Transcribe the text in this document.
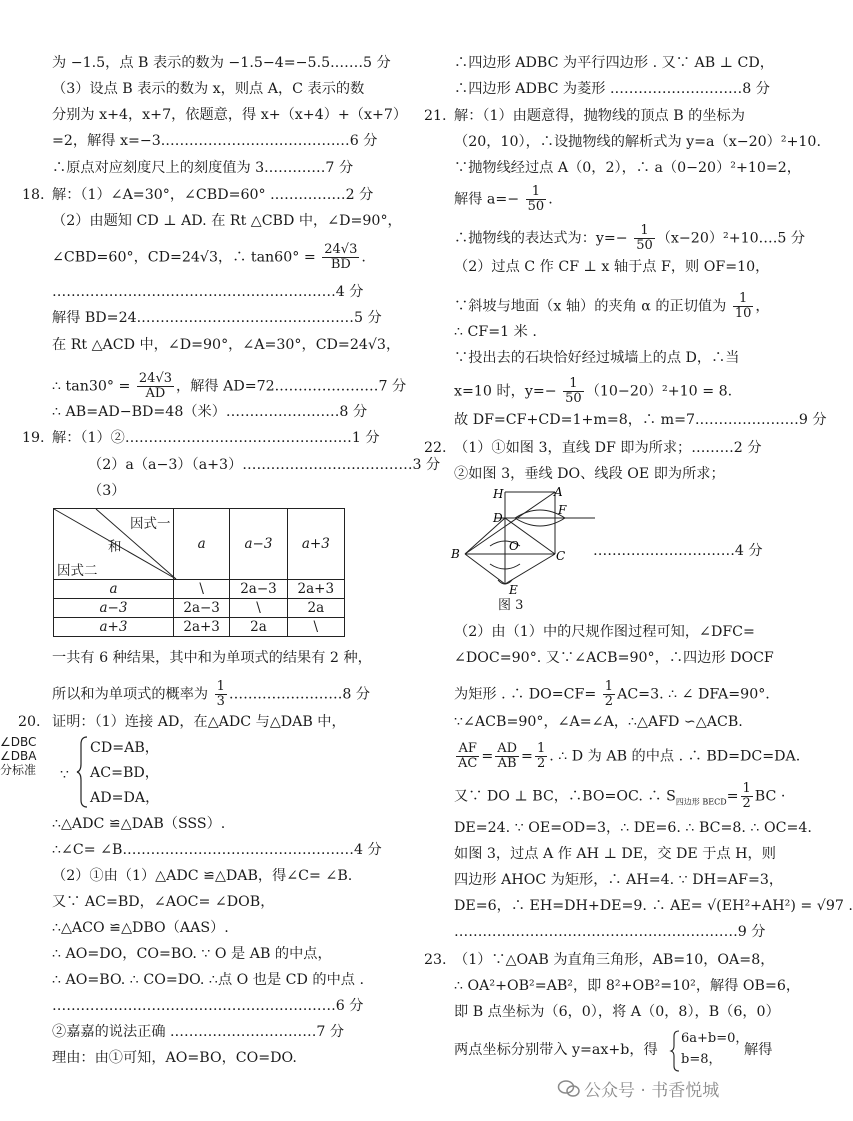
为 −1.5，点 B 表示的数为 −1.5−4=−5.5.……5 分
（3）设点 B 表示的数为 x，则点 A，C 表示的数
分别为 x+4，x+7，依题意，得 x+（x+4）+（x+7）
=2，解得 x=−3.…………………………………6 分
∴原点对应刻度尺上的刻度值为 3.…………7 分
18. 解：（1）∠A=30°，∠CBD=60° .……………2 分
（2）由题知 CD ⊥ AD. 在 Rt △CBD 中，∠D=90°，
∠CBD=60°，CD=24√3，∴ $\tan 60^\circ = \frac{24√3}{BD}$ .
……………………………………………………4 分
解得 BD=24.………………………………………5 分
在 Rt △ACD 中，∠D=90°，∠A=30°，CD=24√3，
∴ $\tan 30^\circ = \frac{24√3}{AD}$ ，解得 AD=72.…………………7 分
∴ AB=AD−BD=48（米）……………………8 分
19. 解：（1）②…………………………………………1 分
（2）a（a−3）（a+3）………………………………3 分
（3）
因式一
和
因式二	a	a−3	a+3
a	\	2a−3	2a+3
a−3	2a−3	\	2a
a+3	2a+3	2a	\
一共有 6 种结果，其中和为单项式的结果有 2 种，
所以和为单项式的概率为 $\frac{1}{3}$ ……………………8 分
20. 证明：（1）连接 AD，在△ADC 与△DAB 中，
∠DBC
∠DBA
分标准 ∵
CD=AB，
AC=BD，
AD=DA，
∴△ADC ≌△DAB（SSS）.
∴∠C= ∠B.…………………………………………4 分
（2）①由（1）△ADC ≌△DAB，得∠C= ∠B.
又∵ AC=BD，∠AOC= ∠DOB，
∴△ACO ≌△DBO（AAS）.
∴ AO=DO，CO=BO. ∵ O 是 AB 的中点，
∴ AO=BO. ∴ CO=DO. ∴点 O 也是 CD 的中点 .
……………………………………………………6 分
②嘉嘉的说法正确 .…………………………7 分
理由：由①可知，AO=BO，CO=DO.
∴四边形 ADBC 为平行四边形 . 又∵ AB ⊥ CD，
∴四边形 ADBC 为菱形 .………………………8 分
21. 解：（1）由题意得，抛物线的顶点 B 的坐标为
（20，10），∴设抛物线的解析式为 y=a（x−20）²+10.
∵抛物线经过点 A（0，2），∴ a（0−20）²+10=2，
解得 $a=- \frac{1}{50}$ .
∴抛物线的表达式为：$y=- \frac{1}{50}$ （x−20）²+10.…5 分
（2）过点 C 作 CF ⊥ x 轴于点 F，则 OF=10，
∵斜坡与地面（x 轴）的夹角 α 的正切值为 $\frac{1}{10}$ ，
∴ CF=1 米 .
∵投出去的石块恰好经过城墙上的点 D，∴当
x=10 时，$y=- \frac{1}{50} (10-20)^2+10 = 8$.
故 DF=CF+CD=1+m=8，∴ m=7.…………………9 分
22. （1）①如图 3，直线 DF 即为所求；………2 分
②如图 3，垂线 DO、线段 OE 即为所求；
H	A
D
F
B
O
C
E
…………………………4 分
图 3
（2）由（1）中的尺规作图过程可知，∠DFC=
∠DOC=90°. 又∵∠ACB=90°，∴四边形 DOCF
为矩形 . ∴ $DO=CF= \frac{1}{2} AC=3$. ∴ ∠ DFA=90°.
∵∠ACB=90°，∠A=∠A，∴△AFD ∽△ACB.
$\frac{AF}{AC} = \frac{AD}{AB} = \frac{1}{2}$ . ∴ D 为 AB 的中点 . ∴ BD=DC=DA.
又∵ DO ⊥ BC，∴BO=OC. ∴ $S_{四边形 BECD}= \frac{1}{2}$ BC ·
DE=24. ∵ OE=OD=3，∴ DE=6. ∴ BC=8. ∴ OC=4.
如图 3，过点 A 作 AH ⊥ DE，交 DE 于点 H，则
四边形 AHOC 为矩形，∴ AH=4. ∵ DH=AF=3，
DE=6，∴ EH=DH+DE=9. ∴ AE= √(EH²+AH²) = √97 .
……………………………………………………9 分
23. （1）∵△OAB 为直角三角形，AB=10，OA=8，
∴ OA²+OB²=AB²，即 8²+OB²=10²，解得 OB=6，
即 B 点坐标为（6，0），将 A（0，8），B（6，0）
两点坐标分别带入 y=ax+b，得
6a+b=0，
b=8，
解得
公众号 · 书香悦城
